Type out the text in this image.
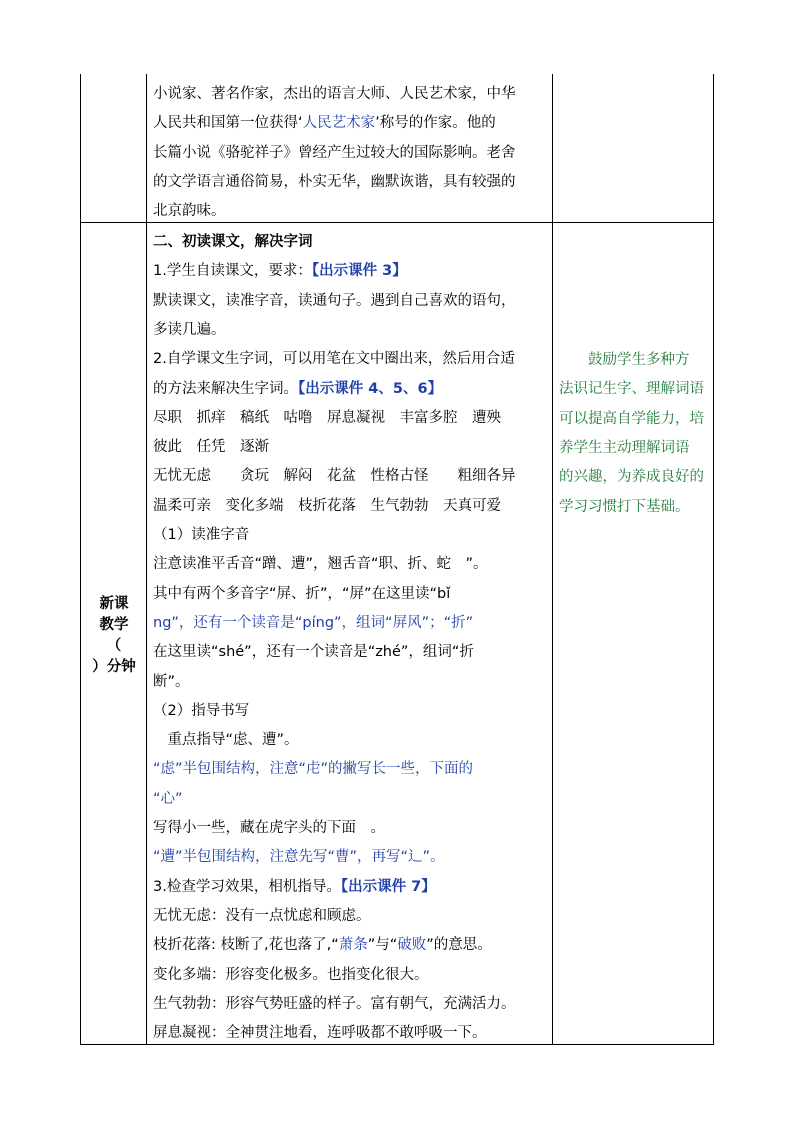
小说家、著名作家，杰出的语言大师、人民艺术家，中华
人民共和国第一位获得‘人民艺术家’称号的作家。他的
长篇小说《骆驼祥子》曾经产生过较大的国际影响。老舍
的文学语言通俗简易，朴实无华，幽默诙谐，具有较强的
北京韵味。
新课
教学
（
）分钟
二、初读课文，解决字词
1.学生自读课文，要求：【出示课件 3】
默读课文，读准字音，读通句子。遇到自己喜欢的语句，
多读几遍。
2.自学课文生字词，可以用笔在文中圈出来，然后用合适
的方法来解决生字词。【出示课件 4、5、6】
尽职　抓痒　稿纸　咕噜　屏息凝视　丰富多腔　遭殃
彼此　任凭　逐渐
无忧无虑　　贪玩　解闷　花盆　性格古怪　　粗细各异
温柔可亲　变化多端　枝折花落　生气勃勃　天真可爱
（1）读准字音
注意读准平舌音“蹭、遭”，翘舌音“职、折、蛇　”。
其中有两个多音字“屏、折”，“屏”在这里读“bǐ
ng”，还有一个读音是“píng”，组词“屏风”；“折”
在这里读“shé”，还有一个读音是“zhé”，组词“折
断”。
（2）指导书写
　重点指导“虑、遭”。
“虑”半包围结构，注意“虍”的撇写长一些，下面的
“心”
写得小一些，藏在虎字头的下面　。
“遭”半包围结构，注意先写“曹”，再写“辶”。
3.检查学习效果，相机指导。【出示课件 7】
无忧无虑：没有一点忧虑和顾虑。
枝折花落: 枝断了,花也落了,“萧条”与“破败”的意思。
变化多端：形容变化极多。也指变化很大。
生气勃勃：形容气势旺盛的样子。富有朝气，充满活力。
屏息凝视：全神贯注地看，连呼吸都不敢呼吸一下。
　　鼓励学生多种方
法识记生字、理解词语
可以提高自学能力，培
养学生主动理解词语
的兴趣，为养成良好的
学习习惯打下基础。
